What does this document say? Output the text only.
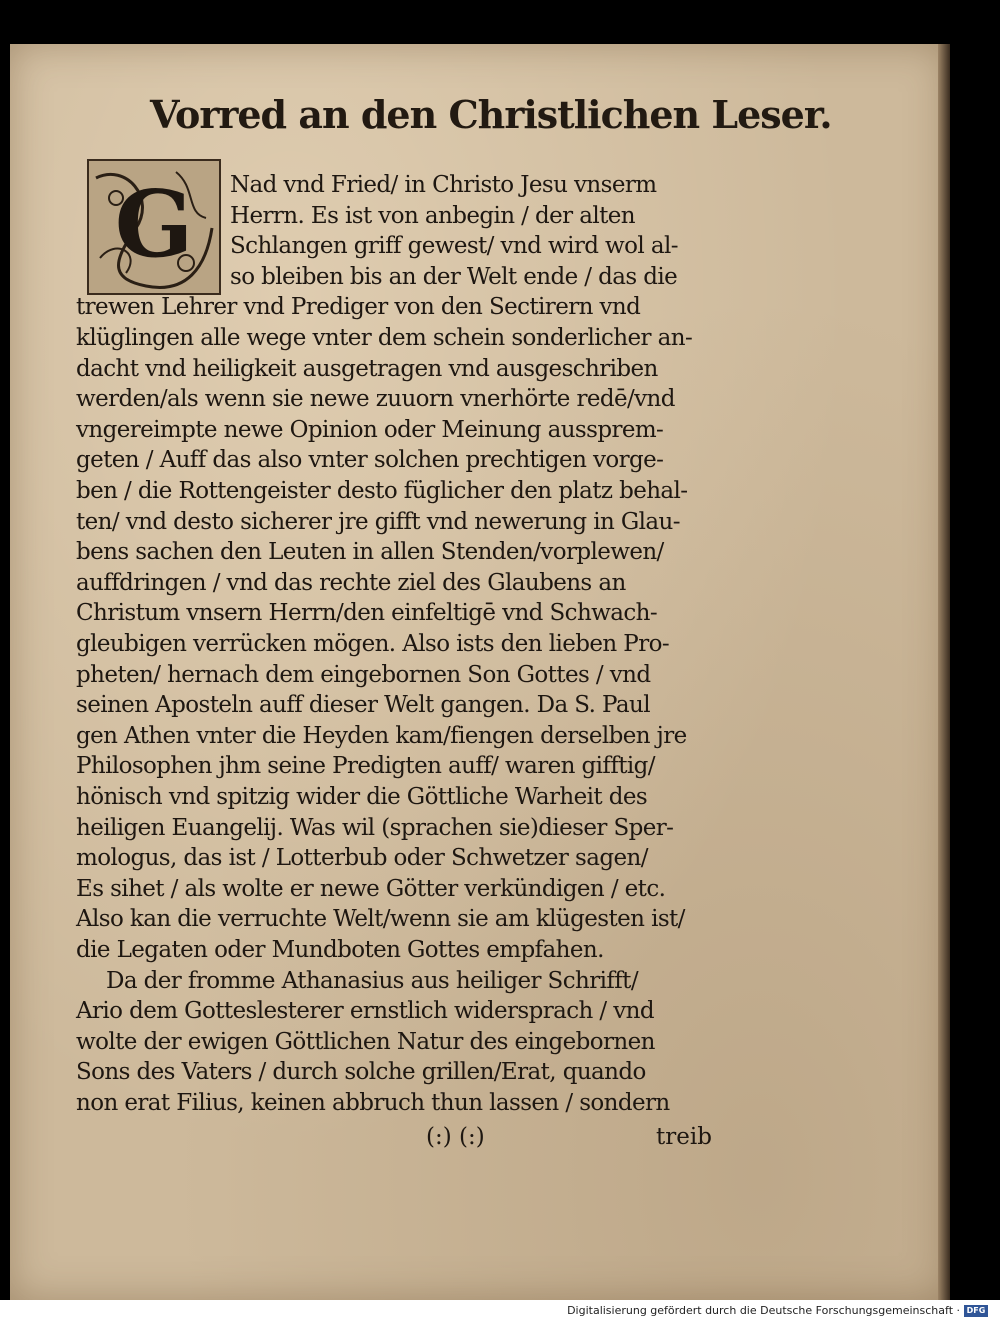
Vorred an den Christlichen Leser.
G Nad vnd Fried/ in Christo Jesu vnserm
Herrn. Es ist von anbegin / der alten
Schlangen griff gewest/ vnd wird wol al-
so bleiben bis an der Welt ende / das die
trewen Lehrer vnd Prediger von den Sectirern vnd
klüglingen alle wege vnter dem schein sonderlicher an-
dacht vnd heiligkeit ausgetragen vnd ausgeschriben
werden/als wenn sie newe zuuorn vnerhörte redē/vnd
vngereimpte newe Opinion oder Meinung aussprem-
geten / Auff das also vnter solchen prechtigen vorge-
ben / die Rottengeister desto füglicher den platz behal-
ten/ vnd desto sicherer jre gifft vnd newerung in Glau-
bens sachen den Leuten in allen Stenden/vorplewen/
auffdringen / vnd das rechte ziel des Glaubens an
Christum vnsern Herrn/den einfeltigē vnd Schwach-
gleubigen verrücken mögen. Also ists den lieben Pro-
pheten/ hernach dem eingebornen Son Gottes / vnd
seinen Aposteln auff dieser Welt gangen. Da S. Paul
gen Athen vnter die Heyden kam/fiengen derselben jre
Philosophen jhm seine Predigten auff/ waren gifftig/
hönisch vnd spitzig wider die Göttliche Warheit des
heiligen Euangelij. Was wil (sprachen sie)dieser Sper-
mologus, das ist / Lotterbub oder Schwetzer sagen/
Es sihet / als wolte er newe Götter verkündigen / etc.
Also kan die verruchte Welt/wenn sie am klügesten ist/
die Legaten oder Mundboten Gottes empfahen.
Da der fromme Athanasius aus heiliger Schrifft/
Ario dem Gotteslesterer ernstlich widersprach / vnd
wolte der ewigen Göttlichen Natur des eingebornen
Sons des Vaters / durch solche grillen/Erat, quando
non erat Filius, keinen abbruch thun lassen / sondern
(:) (:)	treib
Digitalisierung gefördert durch die Deutsche Forschungsgemeinschaft · DFG
